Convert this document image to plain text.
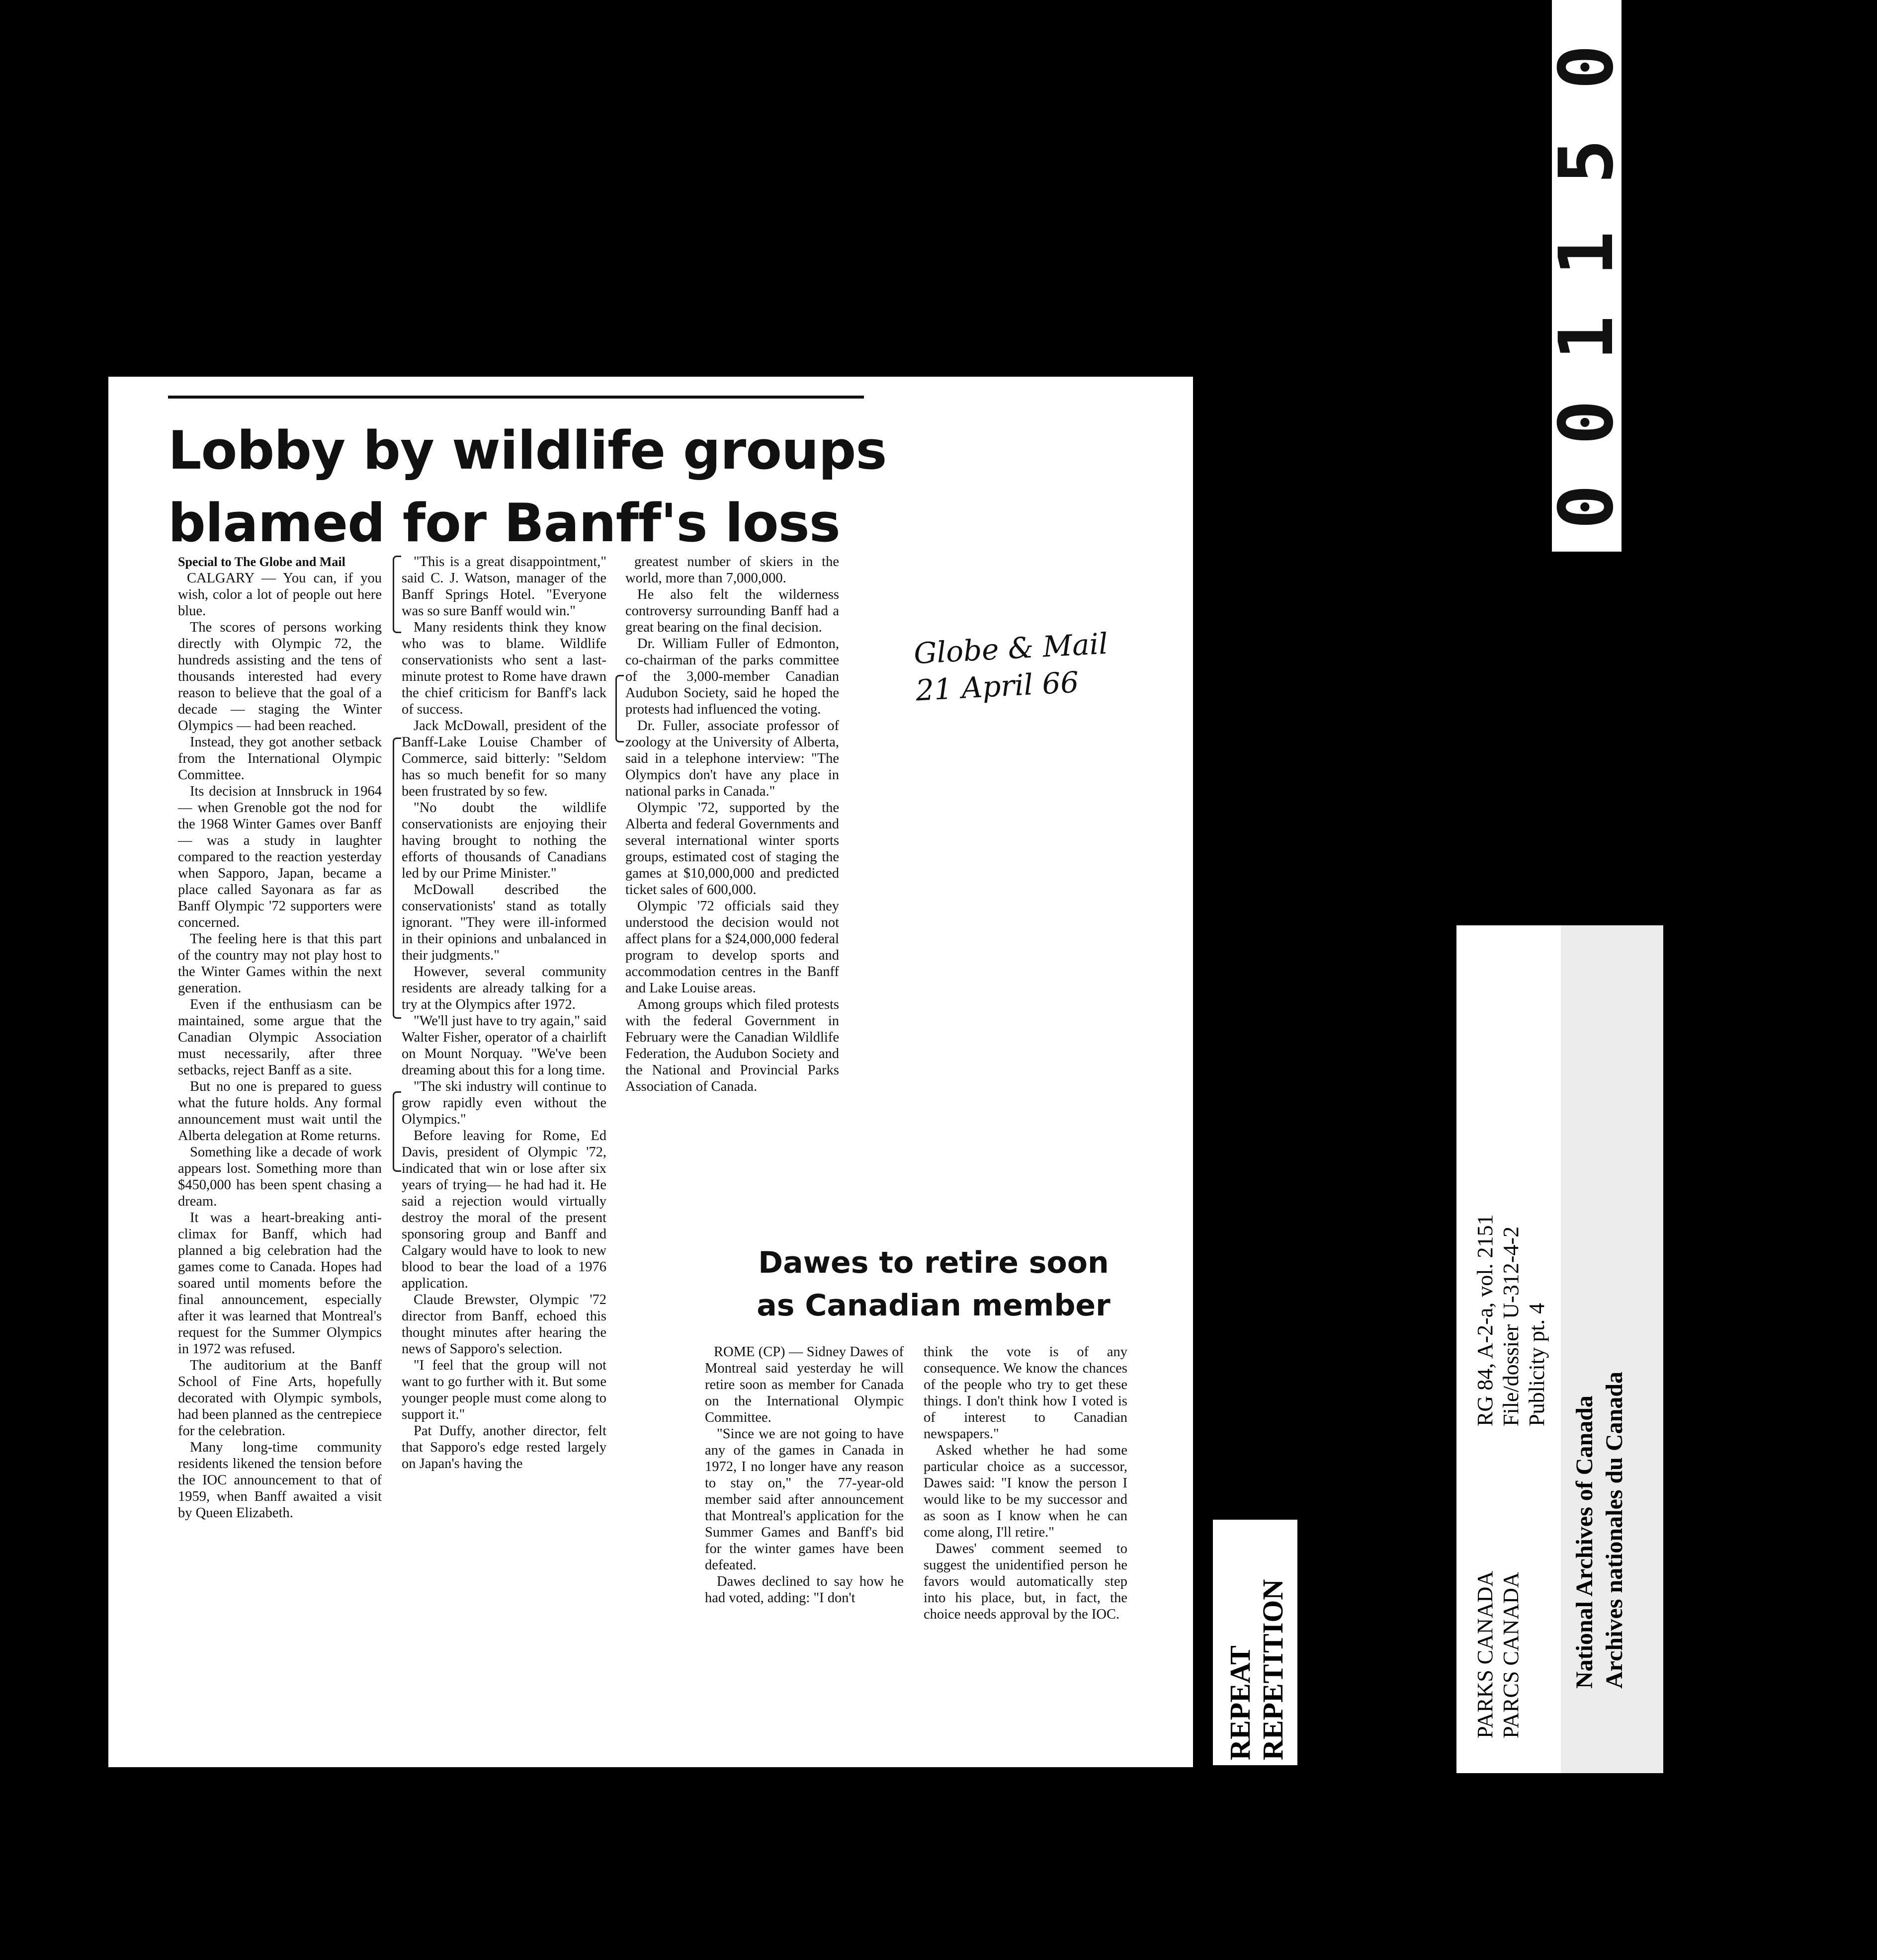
Lobby by wildlife groups blamed for Banff's loss

Special to The Globe and Mail

CALGARY — You can, if you wish, color a lot of people out here blue.

The scores of persons working directly with Olympic 72, the hundreds assisting and the tens of thousands interested had every reason to believe that the goal of a decade — staging the Winter Olympics — had been reached.

Instead, they got another setback from the International Olympic Committee.

Its decision at Innsbruck in 1964 — when Grenoble got the nod for the 1968 Winter Games over Banff — was a study in laughter compared to the reaction yesterday when Sapporo, Japan, became a place called Sayonara as far as Banff Olympic '72 supporters were concerned.

The feeling here is that this part of the country may not play host to the Winter Games within the next generation.

Even if the enthusiasm can be maintained, some argue that the Canadian Olympic Association must necessarily, after three setbacks, reject Banff as a site.

But no one is prepared to guess what the future holds. Any formal announcement must wait until the Alberta delegation at Rome returns.

Something like a decade of work appears lost. Something more than $450,000 has been spent chasing a dream.

It was a heart-breaking anti-climax for Banff, which had planned a big celebration had the games come to Canada. Hopes had soared until moments before the final announcement, especially after it was learned that Montreal's request for the Summer Olympics in 1972 was refused.

The auditorium at the Banff School of Fine Arts, hopefully decorated with Olympic symbols, had been planned as the centrepiece for the celebration.

Many long-time community residents likened the tension before the IOC announcement to that of 1959, when Banff awaited a visit by Queen Elizabeth.

"This is a great disappointment," said C. J. Watson, manager of the Banff Springs Hotel. "Everyone was so sure Banff would win."

Many residents think they know who was to blame. Wildlife conservationists who sent a last-minute protest to Rome have drawn the chief criticism for Banff's lack of success.

Jack McDowall, president of the Banff-Lake Louise Chamber of Commerce, said bitterly: "Seldom has so much benefit for so many been frustrated by so few.

"No doubt the wildlife conservationists are enjoying their having brought to nothing the efforts of thousands of Canadians led by our Prime Minister."

McDowall described the conservationists' stand as totally ignorant. "They were ill-informed in their opinions and unbalanced in their judgments."

However, several community residents are already talking for a try at the Olympics after 1972.

"We'll just have to try again," said Walter Fisher, operator of a chairlift on Mount Norquay. "We've been dreaming about this for a long time.

"The ski industry will continue to grow rapidly even without the Olympics."

Before leaving for Rome, Ed Davis, president of Olympic '72, indicated that win or lose after six years of trying— he had had it. He said a rejection would virtually destroy the moral of the present sponsoring group and Banff and Calgary would have to look to new blood to bear the load of a 1976 application.

Claude Brewster, Olympic '72 director from Banff, echoed this thought minutes after hearing the news of Sapporo's selection.

"I feel that the group will not want to go further with it. But some younger people must come along to support it."

Pat Duffy, another director, felt that Sapporo's edge rested largely on Japan's having the

greatest number of skiers in the world, more than 7,000,000.

He also felt the wilderness controversy surrounding Banff had a great bearing on the final decision.

Dr. William Fuller of Edmonton, co-chairman of the parks committee of the 3,000-member Canadian Audubon Society, said he hoped the protests had influenced the voting.

Dr. Fuller, associate professor of zoology at the University of Alberta, said in a telephone interview: "The Olympics don't have any place in national parks in Canada."

Olympic '72, supported by the Alberta and federal Governments and several international winter sports groups, estimated cost of staging the games at $10,000,000 and predicted ticket sales of 600,000.

Olympic '72 officials said they understood the decision would not affect plans for a $24,000,000 federal program to develop sports and accommodation centres in the Banff and Lake Louise areas.

Among groups which filed protests with the federal Government in February were the Canadian Wildlife Federation, the Audubon Society and the National and Provincial Parks Association of Canada.

Globe & Mail
21 April 66
Dawes to retire soon as Canadian member

ROME (CP) — Sidney Dawes of Montreal said yesterday he will retire soon as member for Canada on the International Olympic Committee.

"Since we are not going to have any of the games in Canada in 1972, I no longer have any reason to stay on," the 77-year-old member said after announcement that Montreal's application for the Summer Games and Banff's bid for the winter games have been defeated.

Dawes declined to say how he had voted, adding: "I don't

think the vote is of any consequence. We know the chances of the people who try to get these things. I don't think how I voted is of interest to Canadian newspapers."

Asked whether he had some particular choice as a successor, Dawes said: "I know the person I would like to be my successor and as soon as I know when he can come along, I'll retire."

Dawes' comment seemed to suggest the unidentified person he favors would automatically step into his place, but, in fact, the choice needs approval by the IOC.

0
0
1
1
5
0
REPEAT REPETITION
RG 84, A-2-a, vol. 2151 File/dossier U-312-4-2 Publicity pt. 4
PARKS CANADA PARCS CANADA National Archives of Canada Archives nationales du Canada
